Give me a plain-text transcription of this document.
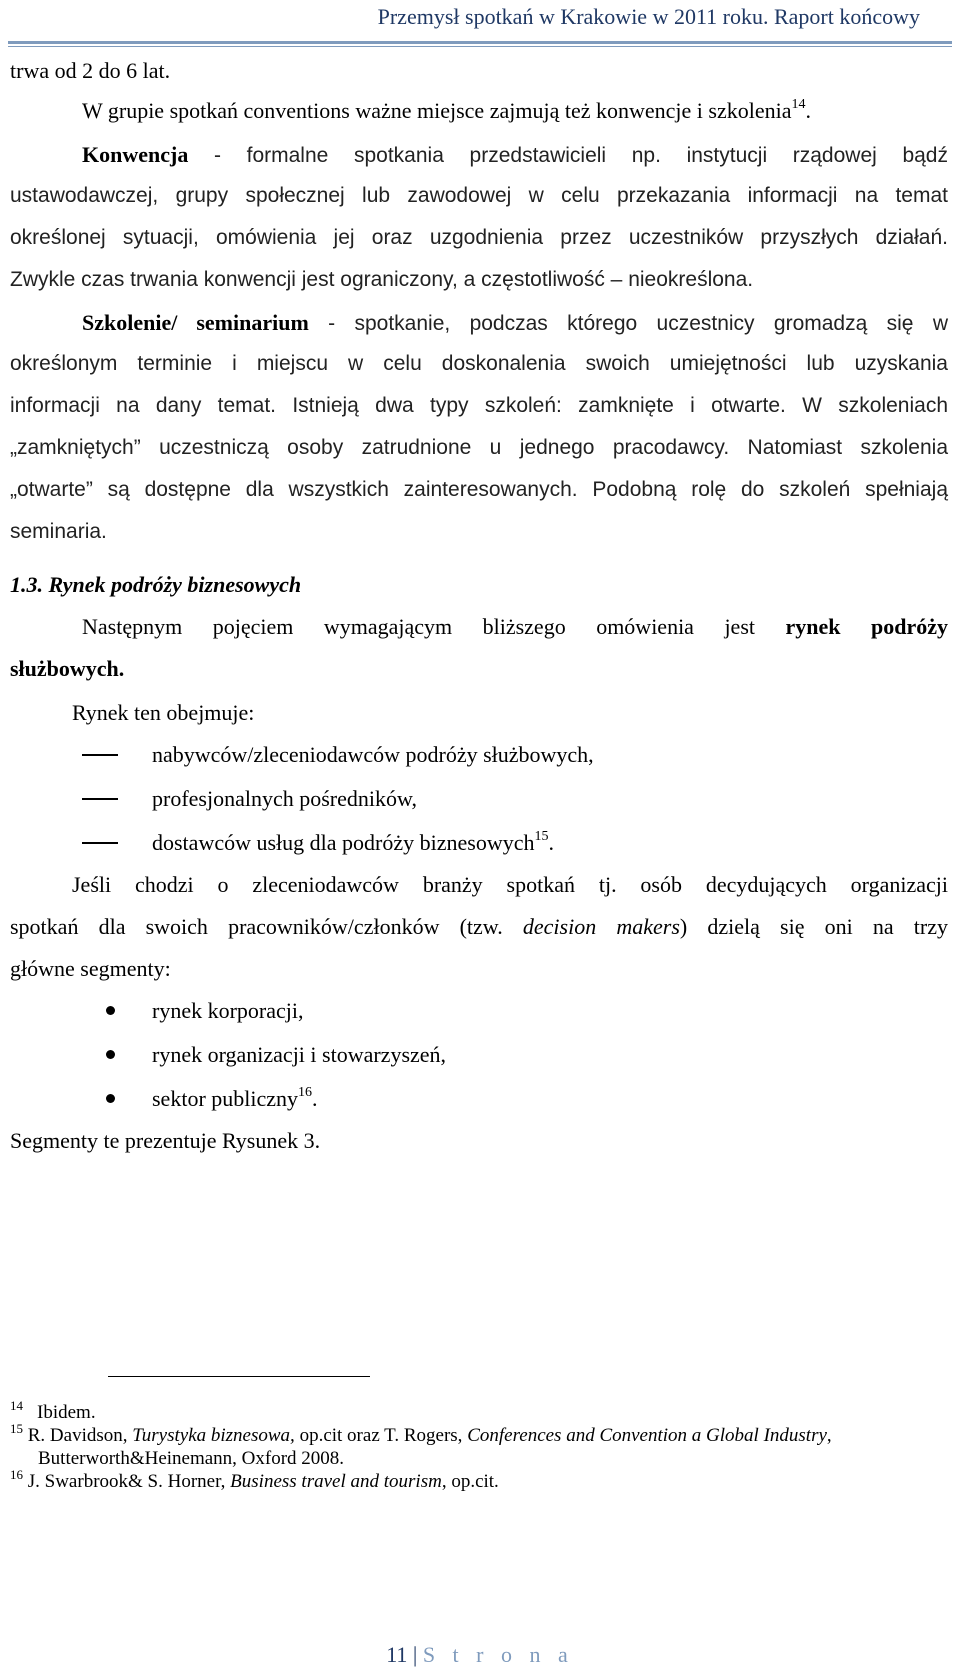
Przemysł spotkań w Krakowie w 2011 roku. Raport końcowy
trwa od 2 do 6 lat.
W grupie spotkań conventions ważne miejsce zajmują też konwencje i szkolenia$^{14}$.
Konwencja - formalne spotkania przedstawicieli np. instytucji rządowej bądź
ustawodawczej, grupy społecznej lub zawodowej w celu przekazania informacji na temat
określonej sytuacji, omówienia jej oraz uzgodnienia przez uczestników przyszłych działań.
Zwykle czas trwania konwencji jest ograniczony, a częstotliwość – nieokreślona.
Szkolenie/ seminarium - spotkanie, podczas którego uczestnicy gromadzą się w
określonym terminie i miejscu w celu doskonalenia swoich umiejętności lub uzyskania
informacji na dany temat. Istnieją dwa typy szkoleń: zamknięte i otwarte. W szkoleniach
„zamkniętych” uczestniczą osoby zatrudnione u jednego pracodawcy. Natomiast szkolenia
„otwarte” są dostępne dla wszystkich zainteresowanych. Podobną rolę do szkoleń spełniają
seminaria.
1.3. Rynek podróży biznesowych
Następnym pojęciem wymagającym bliższego omówienia jest rynek podróży
służbowych.
Rynek ten obejmuje:
nabywców/zleceniodawców podróży służbowych,
profesjonalnych pośredników,
dostawców usług dla podróży biznesowych$^{15}$.
Jeśli chodzi o zleceniodawców branży spotkań tj. osób decydujących organizacji
spotkań dla swoich pracowników/członków (tzw. decision makers) dzielą się oni na trzy
główne segmenty:
rynek korporacji,
rynek organizacji i stowarzyszeń,
sektor publiczny$^{16}$.
Segmenty te prezentuje Rysunek 3.
$^{14}$ Ibidem.
$^{15}$ R. Davidson, Turystyka biznesowa, op.cit oraz T. Rogers, Conferences and Convention a Global Industry,
Butterworth&Heinemann, Oxford 2008.
$^{16}$ J. Swarbrook& S. Horner, Business travel and tourism, op.cit.
11 | S t r o n a
